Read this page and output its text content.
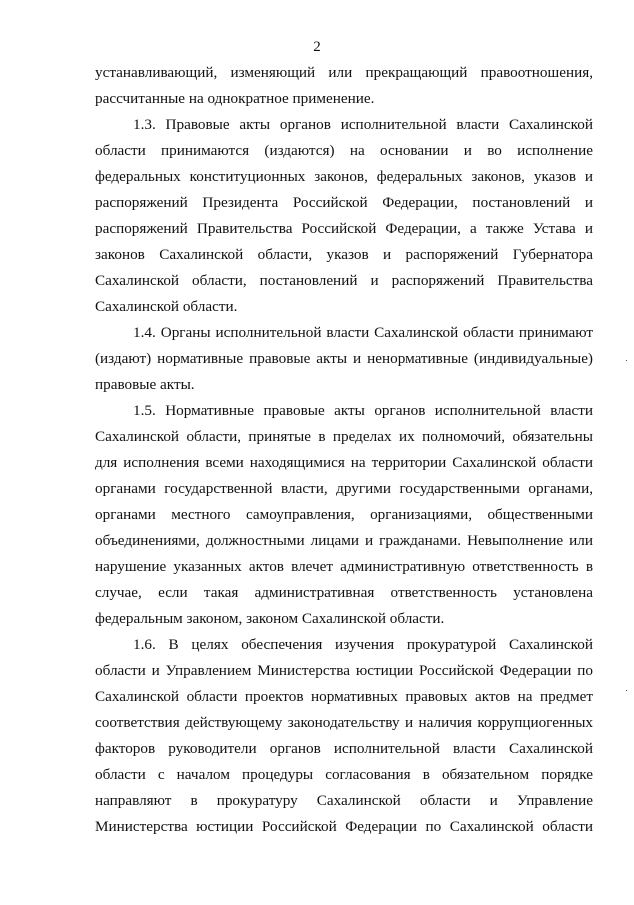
2

устанавливающий, изменяющий или прекращающий правоотношения, рассчитанные на однократное применение.

1.3. Правовые акты органов исполнительной власти Сахалинской области принимаются (издаются) на основании и во исполнение федеральных конституционных законов, федеральных законов, указов и распоряжений Президента Российской Федерации, постановлений и распоряжений Правительства Российской Федерации, а также Устава и законов Сахалинской области, указов и распоряжений Губернатора Сахалинской области, постановлений и распоряжений Правительства Сахалинской области.

1.4. Органы исполнительной власти Сахалинской области принимают (издают) нормативные правовые акты и ненормативные (индивидуальные) правовые акты.

1.5. Нормативные правовые акты органов исполнительной власти Сахалинской области, принятые в пределах их полномочий, обязательны для исполнения всеми находящимися на территории Сахалинской области органами государственной власти, другими государственными органами, органами местного самоуправления, организациями, общественными объединениями, должностными лицами и гражданами. Невыполнение или нарушение указанных актов влечет административную ответственность в случае, если такая административная ответственность установлена федеральным законом, законом Сахалинской области.

1.6. В целях обеспечения изучения прокуратурой Сахалинской области и Управлением Министерства юстиции Российской Федерации по Сахалинской области проектов нормативных правовых актов на предмет соответствия действующему законодательству и наличия коррупциогенных факторов руководители органов исполнительной власти Сахалинской области с началом процедуры согласования в обязательном порядке направляют в прокуратуру Сахалинской области и Управление Министерства юстиции Российской Федерации по Сахалинской области
